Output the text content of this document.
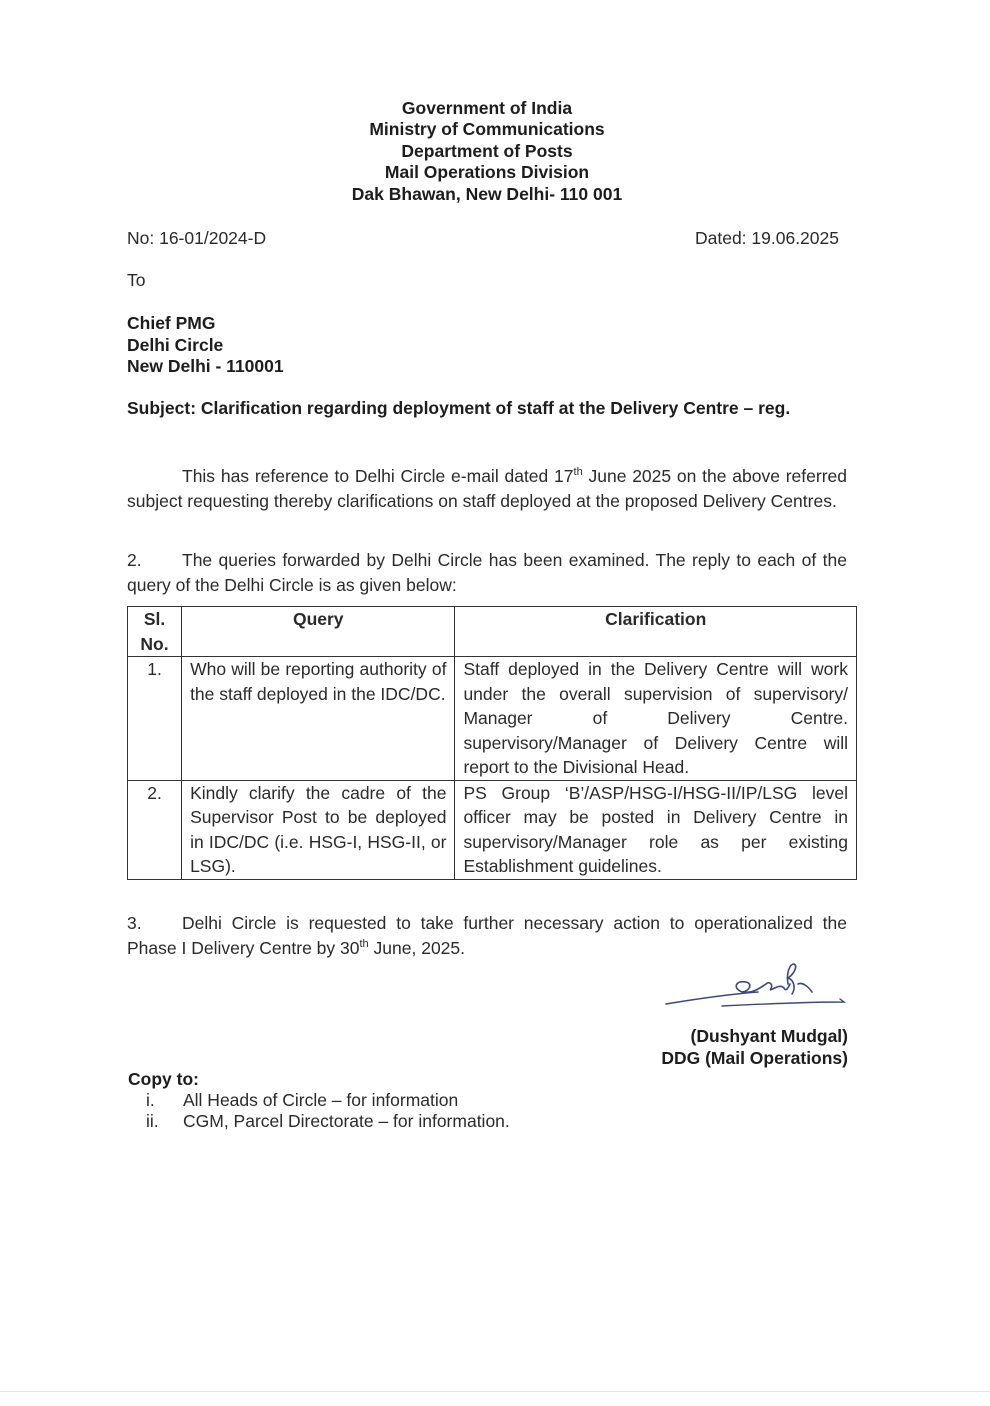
Government of India
Ministry of Communications
Department of Posts
Mail Operations Division
Dak Bhawan, New Delhi- 110 001
No: 16-01/2024-D	Dated: 19.06.2025
To
Chief PMG
Delhi Circle
New Delhi - 110001
Subject: Clarification regarding deployment of staff at the Delivery Centre – reg.
This has reference to Delhi Circle e-mail dated 17th June 2025 on the above referred subject requesting thereby clarifications on staff deployed at the proposed Delivery Centres.
2. The queries forwarded by Delhi Circle has been examined. The reply to each of the query of the Delhi Circle is as given below:
Sl. No.	Query	Clarification
1.	Who will be reporting authority of the staff deployed in the IDC/DC.	Staff deployed in the Delivery Centre will work under the overall supervision of supervisory/ Manager of Delivery Centre. supervisory/Manager of Delivery Centre will report to the Divisional Head.
2.	Kindly clarify the cadre of the Supervisor Post to be deployed in IDC/DC (i.e. HSG-I, HSG-II, or LSG).	PS Group ‘B’/ASP/HSG-I/HSG-II/IP/LSG level officer may be posted in Delivery Centre in supervisory/Manager role as per existing Establishment guidelines.
3. Delhi Circle is requested to take further necessary action to operationalized the Phase I Delivery Centre by 30th June, 2025.
(Dushyant Mudgal)
DDG (Mail Operations)
Copy to:
i.	All Heads of Circle – for information
ii.	CGM, Parcel Directorate – for information.
